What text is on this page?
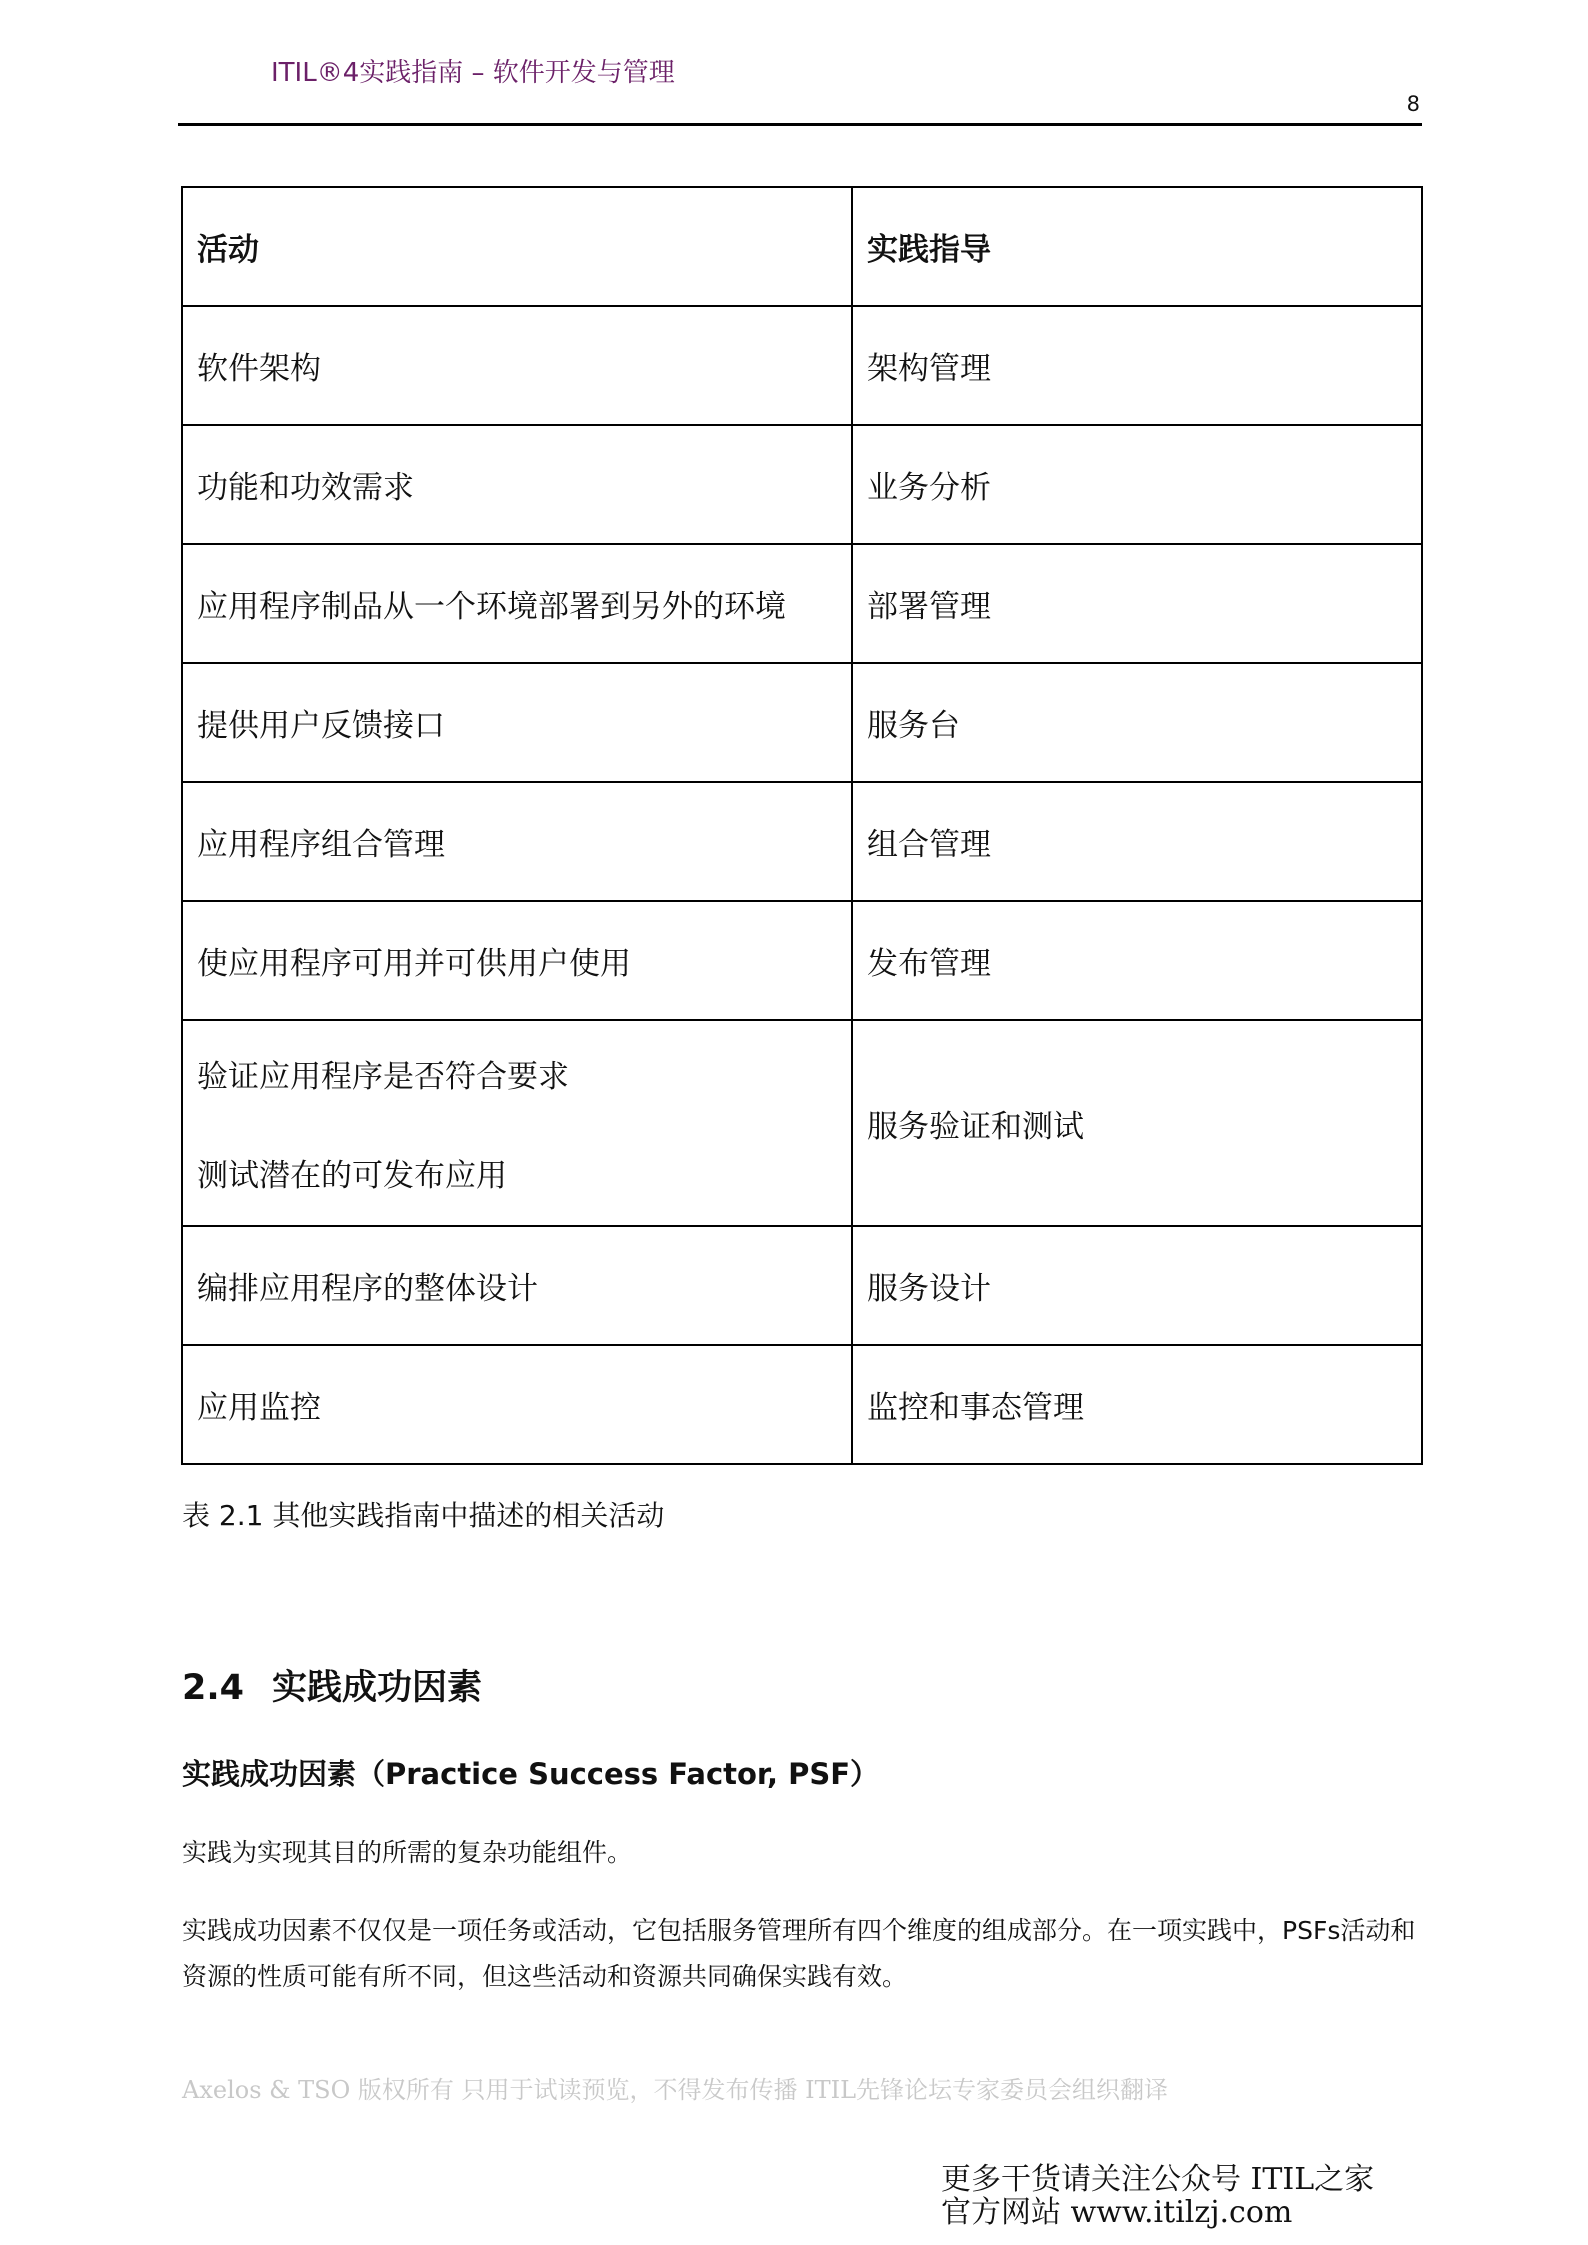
ITIL®4实践指南 – 软件开发与管理
8
活动	实践指导

软件架构	架构管理

功能和功效需求	业务分析

应用程序制品从一个环境部署到另外的环境	部署管理

提供用户反馈接口	服务台

应用程序组合管理	组合管理

使应用程序可用并可供用户使用	发布管理

验证应用程序是否符合要求
测试潜在的可发布应用	服务验证和测试

编排应用程序的整体设计	服务设计

应用监控	监控和事态管理
表 2.1 其他实践指南中描述的相关活动
2.4 实践成功因素
实践成功因素（Practice Success Factor, PSF）
实践为实现其目的所需的复杂功能组件。
实践成功因素不仅仅是一项任务或活动，它包括服务管理所有四个维度的组成部分。在一项实践中，PSFs活动和资源的性质可能有所不同，但这些活动和资源共同确保实践有效。
Axelos & TSO 版权所有 只用于试读预览，不得发布传播 ITIL先锋论坛专家委员会组织翻译
更多干货请关注公众号 ITIL之家
官方网站 www.itilzj.com
